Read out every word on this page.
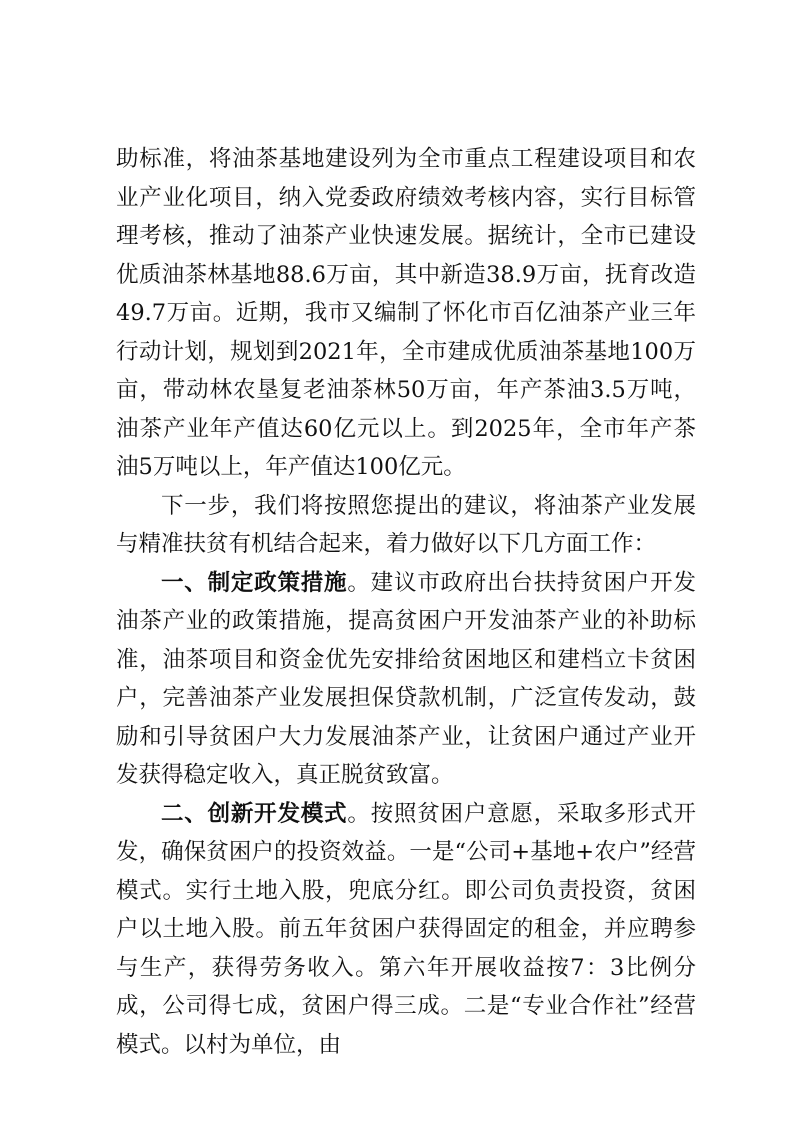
助标准，将油茶基地建设列为全市重点工程建设项目和农业产业化项目，纳入党委政府绩效考核内容，实行目标管理考核，推动了油茶产业快速发展。据统计，全市已建设优质油茶林基地88.6万亩，其中新造38.9万亩，抚育改造49.7万亩。近期，我市又编制了怀化市百亿油茶产业三年行动计划，规划到2021年，全市建成优质油茶基地100万亩，带动林农垦复老油茶林50万亩，年产茶油3.5万吨，油茶产业年产值达60亿元以上。到2025年，全市年产茶油5万吨以上，年产值达100亿元。

下一步，我们将按照您提出的建议，将油茶产业发展与精准扶贫有机结合起来，着力做好以下几方面工作：

一、制定政策措施。建议市政府出台扶持贫困户开发油茶产业的政策措施，提高贫困户开发油茶产业的补助标准，油茶项目和资金优先安排给贫困地区和建档立卡贫困户，完善油茶产业发展担保贷款机制，广泛宣传发动，鼓励和引导贫困户大力发展油茶产业，让贫困户通过产业开发获得稳定收入，真正脱贫致富。

二、创新开发模式。按照贫困户意愿，采取多形式开发，确保贫困户的投资效益。一是“公司+基地+农户”经营模式。实行土地入股，兜底分红。即公司负责投资，贫困户以土地入股。前五年贫困户获得固定的租金，并应聘参与生产，获得劳务收入。第六年开展收益按7：3比例分成，公司得七成，贫困户得三成。二是“专业合作社”经营模式。以村为单位，由
